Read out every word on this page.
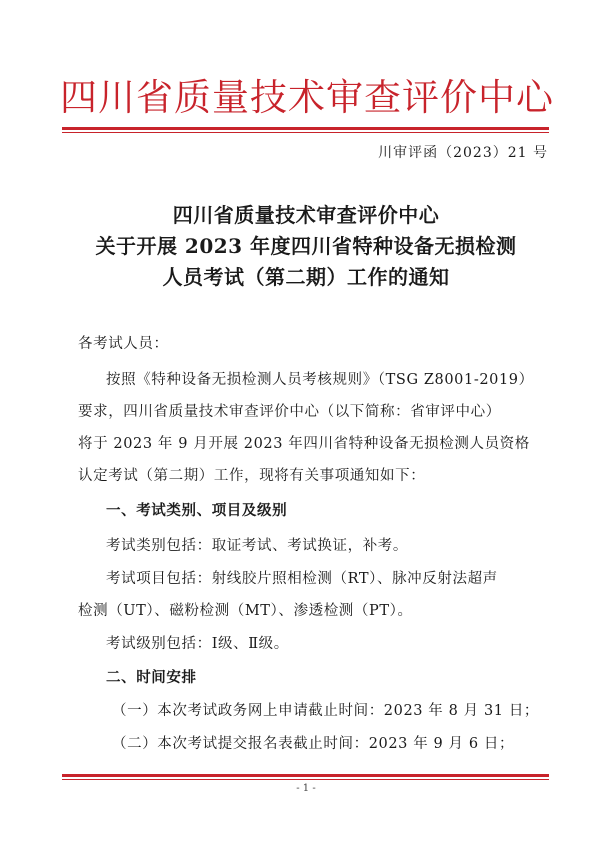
四川省质量技术审查评价中心
川审评函（2023）21 号
四川省质量技术审查评价中心
关于开展 2023 年度四川省特种设备无损检测
人员考试（第二期）工作的通知
各考试人员：
按照《特种设备无损检测人员考核规则》（TSG Z8001-2019）
要求，四川省质量技术审查评价中心（以下简称：省审评中心）
将于 2023 年 9 月开展 2023 年四川省特种设备无损检测人员资格
认定考试（第二期）工作，现将有关事项通知如下：
一、考试类别、项目及级别
考试类别包括：取证考试、考试换证，补考。
考试项目包括：射线胶片照相检测（RT）、脉冲反射法超声
检测（UT）、磁粉检测（MT）、渗透检测（PT）。
考试级别包括：Ⅰ级、Ⅱ级。
二、时间安排
（一）本次考试政务网上申请截止时间：2023 年 8 月 31 日；
（二）本次考试提交报名表截止时间：2023 年 9 月 6 日；
- 1 -
